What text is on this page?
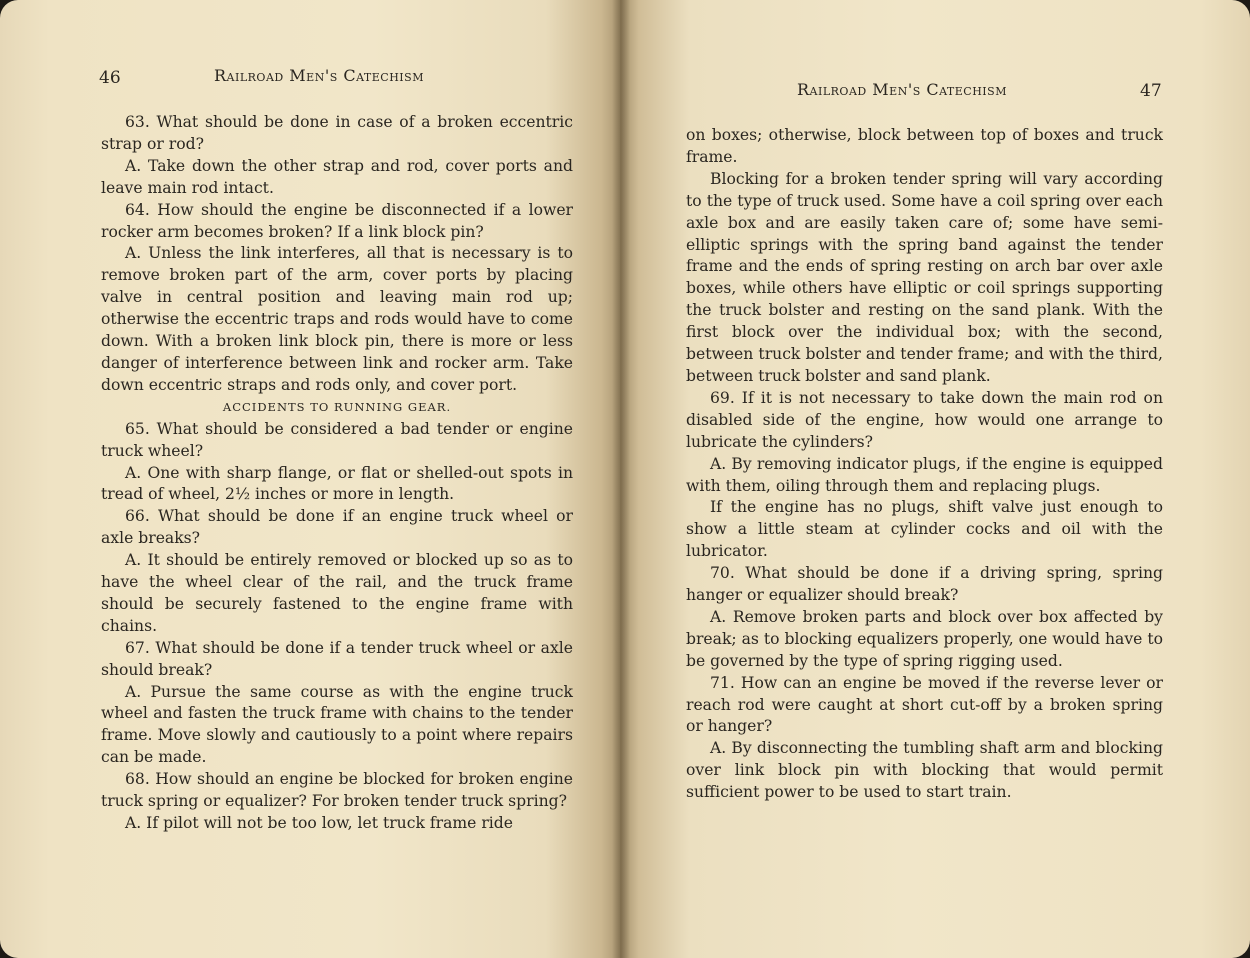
46	Railroad Men's Catechism

63. What should be done in case of a broken eccentric strap or rod?

A. Take down the other strap and rod, cover ports and leave main rod intact.

64. How should the engine be disconnected if a lower rocker arm becomes broken? If a link block pin?

A. Unless the link interferes, all that is necessary is to remove broken part of the arm, cover ports by placing valve in central position and leaving main rod up; otherwise the eccentric traps and rods would have to come down. With a broken link block pin, there is more or less danger of interference between link and rocker arm. Take down eccentric straps and rods only, and cover port.

ACCIDENTS TO RUNNING GEAR.

65. What should be considered a bad tender or engine truck wheel?

A. One with sharp flange, or flat or shelled-out spots in tread of wheel, 2½ inches or more in length.

66. What should be done if an engine truck wheel or axle breaks?

A. It should be entirely removed or blocked up so as to have the wheel clear of the rail, and the truck frame should be securely fastened to the engine frame with chains.

67. What should be done if a tender truck wheel or axle should break?

A. Pursue the same course as with the engine truck wheel and fasten the truck frame with chains to the tender frame. Move slowly and cautiously to a point where repairs can be made.

68. How should an engine be blocked for broken engine truck spring or equalizer? For broken tender truck spring?

A. If pilot will not be too low, let truck frame ride

Railroad Men's Catechism	47

on boxes; otherwise, block between top of boxes and truck frame.

Blocking for a broken tender spring will vary according to the type of truck used. Some have a coil spring over each axle box and are easily taken care of; some have semi-elliptic springs with the spring band against the tender frame and the ends of spring resting on arch bar over axle boxes, while others have elliptic or coil springs supporting the truck bolster and resting on the sand plank. With the first block over the individual box; with the second, between truck bolster and tender frame; and with the third, between truck bolster and sand plank.

69. If it is not necessary to take down the main rod on disabled side of the engine, how would one arrange to lubricate the cylinders?

A. By removing indicator plugs, if the engine is equipped with them, oiling through them and replacing plugs.

If the engine has no plugs, shift valve just enough to show a little steam at cylinder cocks and oil with the lubricator.

70. What should be done if a driving spring, spring hanger or equalizer should break?

A. Remove broken parts and block over box affected by break; as to blocking equalizers properly, one would have to be governed by the type of spring rigging used.

71. How can an engine be moved if the reverse lever or reach rod were caught at short cut-off by a broken spring or hanger?

A. By disconnecting the tumbling shaft arm and blocking over link block pin with blocking that would permit sufficient power to be used to start train.
